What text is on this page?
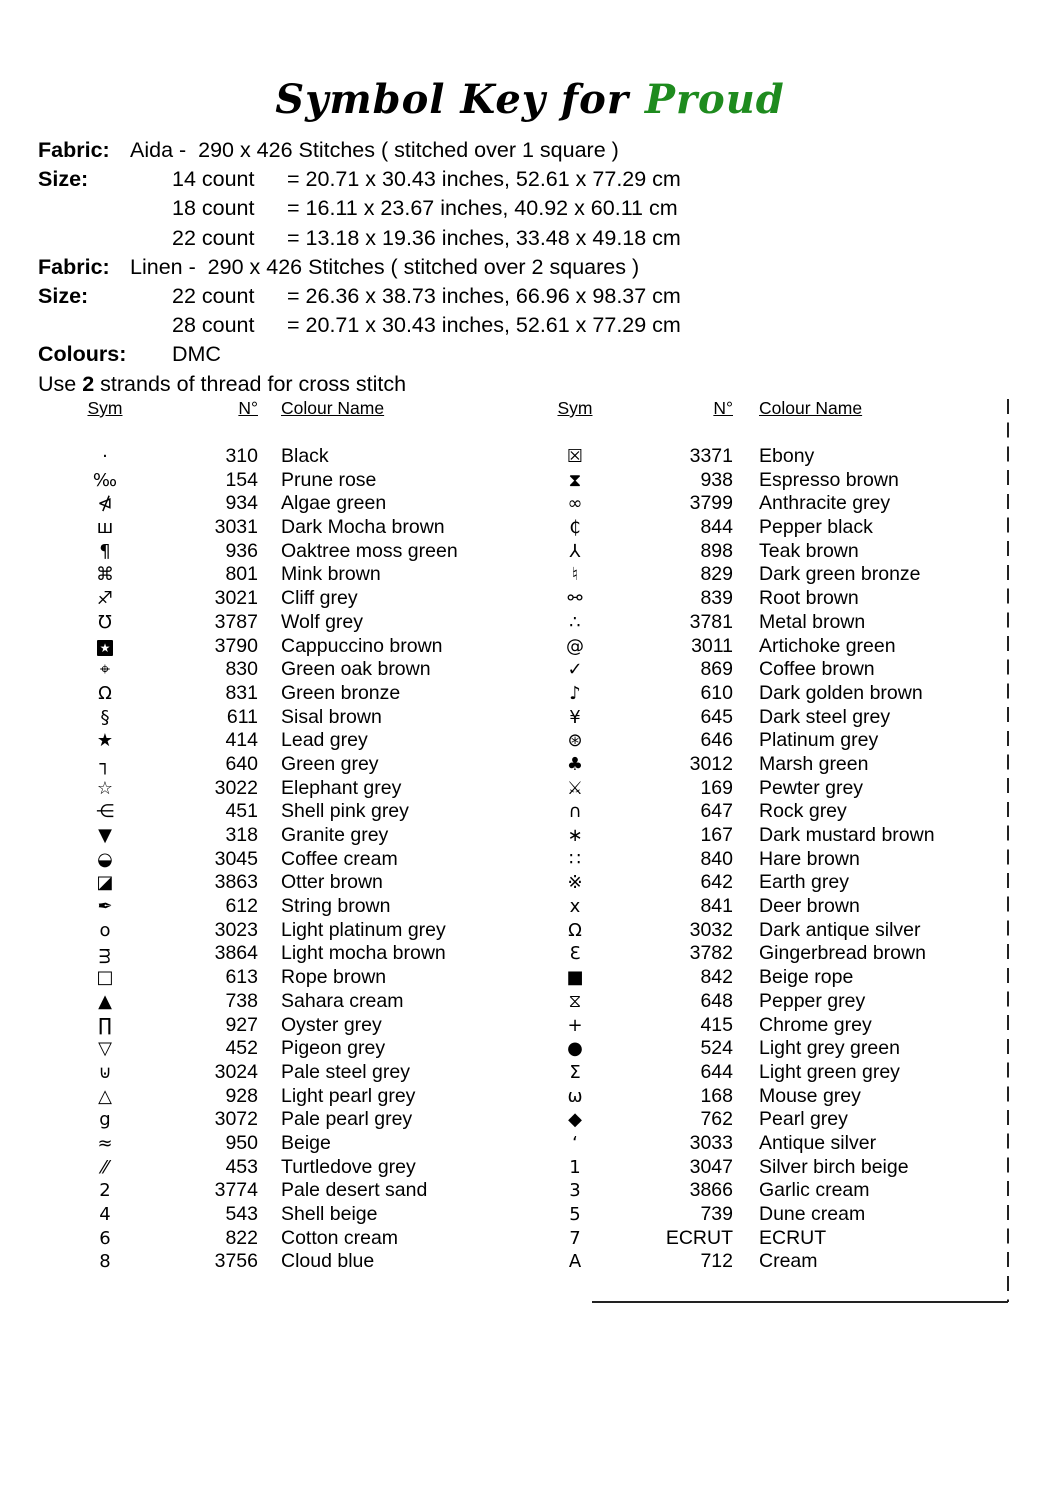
Symbol Key for Proud
Fabric: Aida -  290 x 426 Stitches ( stitched over 1 square )
Size:	14 count	= 20.71 x 30.43 inches, 52.61 x 77.29 cm
18 count	= 16.11 x 23.67 inches, 40.92 x 60.11 cm
22 count	= 13.18 x 19.36 inches, 33.48 x 49.18 cm
Fabric: Linen -  290 x 426 Stitches ( stitched over 2 squares )
Size:	22 count	= 26.36 x 38.73 inches, 66.96 x 98.37 cm
28 count	= 20.71 x 30.43 inches, 52.61 x 77.29 cm
Colours: DMC
Use 2 strands of thread for cross stitch
Sym	N°	Colour Name
·	310	Black
‰	154	Prune rose
⋪	934	Algae green
ш	3031	Dark Mocha brown
¶	936	Oaktree moss green
⌘	801	Mink brown
♐	3021	Cliff grey
℧	3787	Wolf grey
★	3790	Cappuccino brown
⌖	830	Green oak brown
Ω	831	Green bronze
§	611	Sisal brown
★	414	Lead grey
┐	640	Green grey
☆	3022	Elephant grey
⋲	451	Shell pink grey
▼	318	Granite grey
◒	3045	Coffee cream
◪	3863	Otter brown
✒	612	String brown
o	3023	Light platinum grey
ᴟ	3864	Light mocha brown
□	613	Rope brown
▲	738	Sahara cream
∏	927	Oyster grey
▽	452	Pigeon grey
⊍	3024	Pale steel grey
△	928	Light pearl grey
g	3072	Pale pearl grey
≈	950	Beige
⁄⁄	453	Turtledove grey
2	3774	Pale desert sand
4	543	Shell beige
6	822	Cotton cream
8	3756	Cloud blue
Sym	N°	Colour Name
☒	3371	Ebony
⧗	938	Espresso brown
∞	3799	Anthracite grey
₵	844	Pepper black
⅄	898	Teak brown
♮	829	Dark green bronze
⚯	839	Root brown
∴	3781	Metal brown
@	3011	Artichoke green
✓	869	Coffee brown
♪	610	Dark golden brown
¥	645	Dark steel grey
⊛	646	Platinum grey
♣	3012	Marsh green
⚔	169	Pewter grey
∩	647	Rock grey
∗	167	Dark mustard brown
∷	840	Hare brown
※	642	Earth grey
x	841	Deer brown
Ω	3032	Dark antique silver
Ɛ	3782	Gingerbread brown
■	842	Beige rope
⧖	648	Pepper grey
+	415	Chrome grey
●	524	Light grey green
Σ	644	Light green grey
ω	168	Mouse grey
◆	762	Pearl grey
‘	3033	Antique silver
1	3047	Silver birch beige
3	3866	Garlic cream
5	739	Dune cream
7	ECRUT	ECRUT
A	712	Cream
